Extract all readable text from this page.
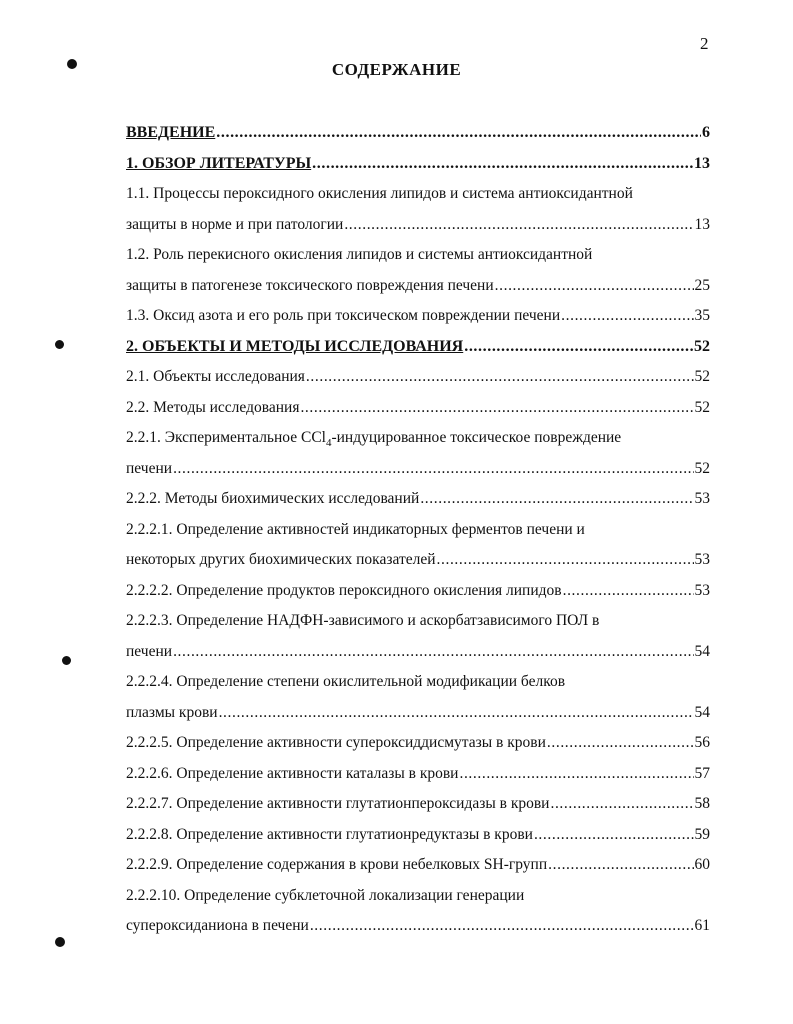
2
СОДЕРЖАНИЕ
ВВЕДЕНИЕ .....	6
1. ОБЗОР ЛИТЕРАТУРЫ .....	13
1.1. Процессы пероксидного окисления липидов и система антиоксидантной
защиты в норме и при патологии .....	13
1.2. Роль перекисного окисления липидов и системы антиоксидантной
защиты в патогенезе токсического повреждения печени .....	25
1.3. Оксид азота и его роль при токсическом повреждении печени .....	35
2. ОБЪЕКТЫ И МЕТОДЫ ИССЛЕДОВАНИЯ .....	52
2.1. Объекты исследования .....	52
2.2. Методы исследования .....	52
2.2.1. Экспериментальное CCl$_4$-индуцированное токсическое повреждение
печени .....	52
2.2.2. Методы биохимических исследований .....	53
2.2.2.1. Определение активностей индикаторных ферментов печени и
некоторых других биохимических показателей .....	53
2.2.2.2. Определение продуктов пероксидного окисления липидов .....	53
2.2.2.3. Определение НАДФН-зависимого и аскорбатзависимого ПОЛ в
печени .....	54
2.2.2.4. Определение степени окислительной модификации белков
плазмы крови .....	54
2.2.2.5. Определение активности супероксиддисмутазы в крови .....	56
2.2.2.6. Определение активности каталазы в крови .....	57
2.2.2.7. Определение активности глутатионпероксидазы в крови .....	58
2.2.2.8. Определение активности глутатионредуктазы в крови .....	59
2.2.2.9. Определение содержания в крови небелковых SH-групп .....	60
2.2.2.10. Определение субклеточной локализации генерации
супероксиданиона в печени .....	61
